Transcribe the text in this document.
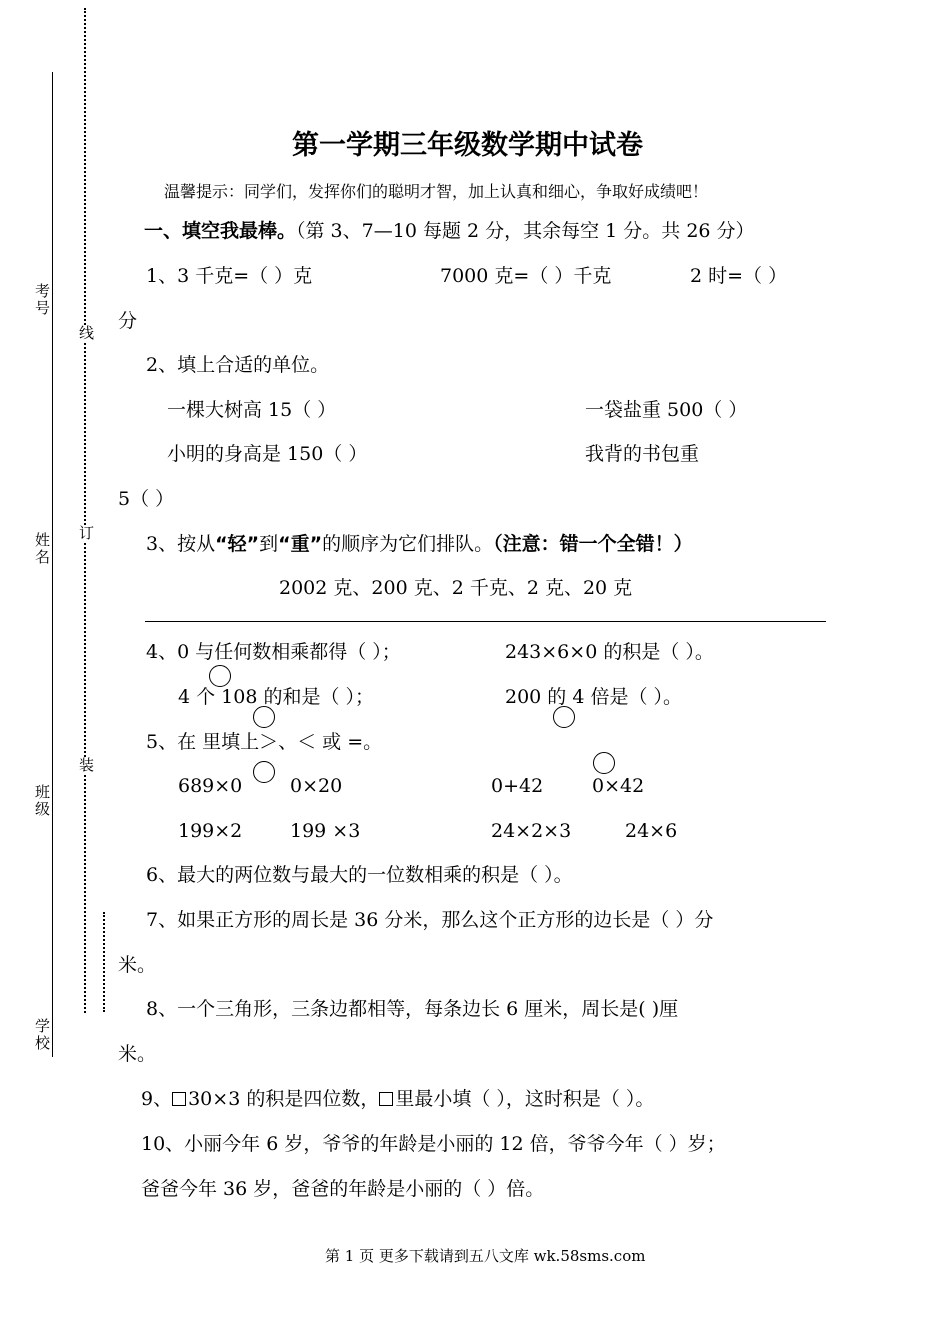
考号
姓名
班级
学校
线
订
装
第一学期三年级数学期中试卷
温馨提示：同学们，发挥你们的聪明才智，加上认真和细心，争取好成绩吧！
一、填空我最棒。（第 3、7—10 每题 2 分，其余每空 1 分。共 26 分）
1、3 千克=（ ）克	7000 克=（ ）千克	2 时=（ ）
分
2、填上合适的单位。
一棵大树高 15（ ）	一袋盐重 500（ ）
小明的身高是 150（ ）	我背的书包重
5（ ）
3、按从“轻”到“重”的顺序为它们排队。（注意：错一个全错！）
2002 克、200 克、2 千克、2 克、20 克
4、0 与任何数相乘都得（ ）；	243×6×0 的积是（ ）。
4 个 108 的和是（ ）；	200 的 4 倍是（ ）。
5、在 里填上＞、＜ 或 =。
689×0	0×20	0+42	0×42
199×2	199 ×3	24×2×3	24×6
6、最大的两位数与最大的一位数相乘的积是（ ）。
7、如果正方形的周长是 36 分米，那么这个正方形的边长是（ ）分
米。
8、一个三角形，三条边都相等，每条边长 6 厘米，周长是( )厘
米。
9、 30×3 的积是四位数， 里最小填（ ），这时积是（ ）。
10、小丽今年 6 岁，爷爷的年龄是小丽的 12 倍，爷爷今年（ ）岁；
爸爸今年 36 岁，爸爸的年龄是小丽的（ ）倍。
第 1 页 更多下载请到五八文库 wk.58sms.com
